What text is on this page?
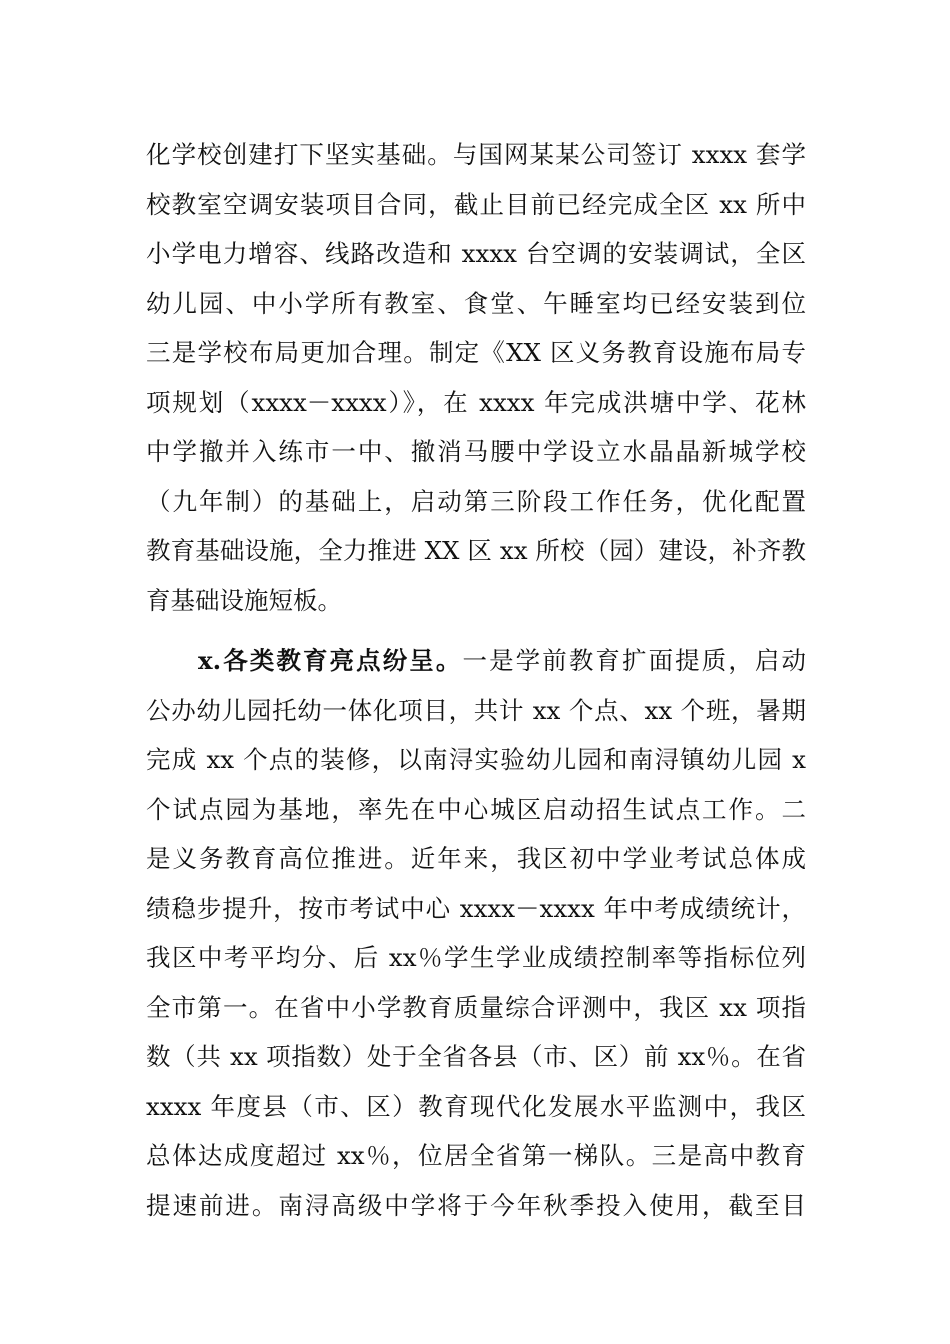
化学校创建打下坚实基础。与国网某某公司签订 xxxx 套学
校教室空调安装项目合同，截止目前已经完成全区 xx 所中
小学电力增容、线路改造和 xxxx 台空调的安装调试，全区
幼儿园、中小学所有教室、食堂、午睡室均已经安装到位
三是学校布局更加合理。制定《XX 区义务教育设施布局专
项规划（xxxx－xxxx）》，在 xxxx 年完成洪塘中学、花林
中学撤并入练市一中、撤消马腰中学设立水晶晶新城学校
（九年制）的基础上，启动第三阶段工作任务，优化配置
教育基础设施，全力推进 XX 区 xx 所校（园）建设，补齐教
育基础设施短板。
x.各类教育亮点纷呈。一是学前教育扩面提质，启动
公办幼儿园托幼一体化项目，共计 xx 个点、xx 个班，暑期
完成 xx 个点的装修，以南浔实验幼儿园和南浔镇幼儿园 x
个试点园为基地，率先在中心城区启动招生试点工作。二
是义务教育高位推进。近年来，我区初中学业考试总体成
绩稳步提升，按市考试中心 xxxx－xxxx 年中考成绩统计，
我区中考平均分、后 xx％学生学业成绩控制率等指标位列
全市第一。在省中小学教育质量综合评测中，我区 xx 项指
数（共 xx 项指数）处于全省各县（市、区）前 xx％。在省
xxxx 年度县（市、区）教育现代化发展水平监测中，我区
总体达成度超过 xx％，位居全省第一梯队。三是高中教育
提速前进。南浔高级中学将于今年秋季投入使用，截至目
